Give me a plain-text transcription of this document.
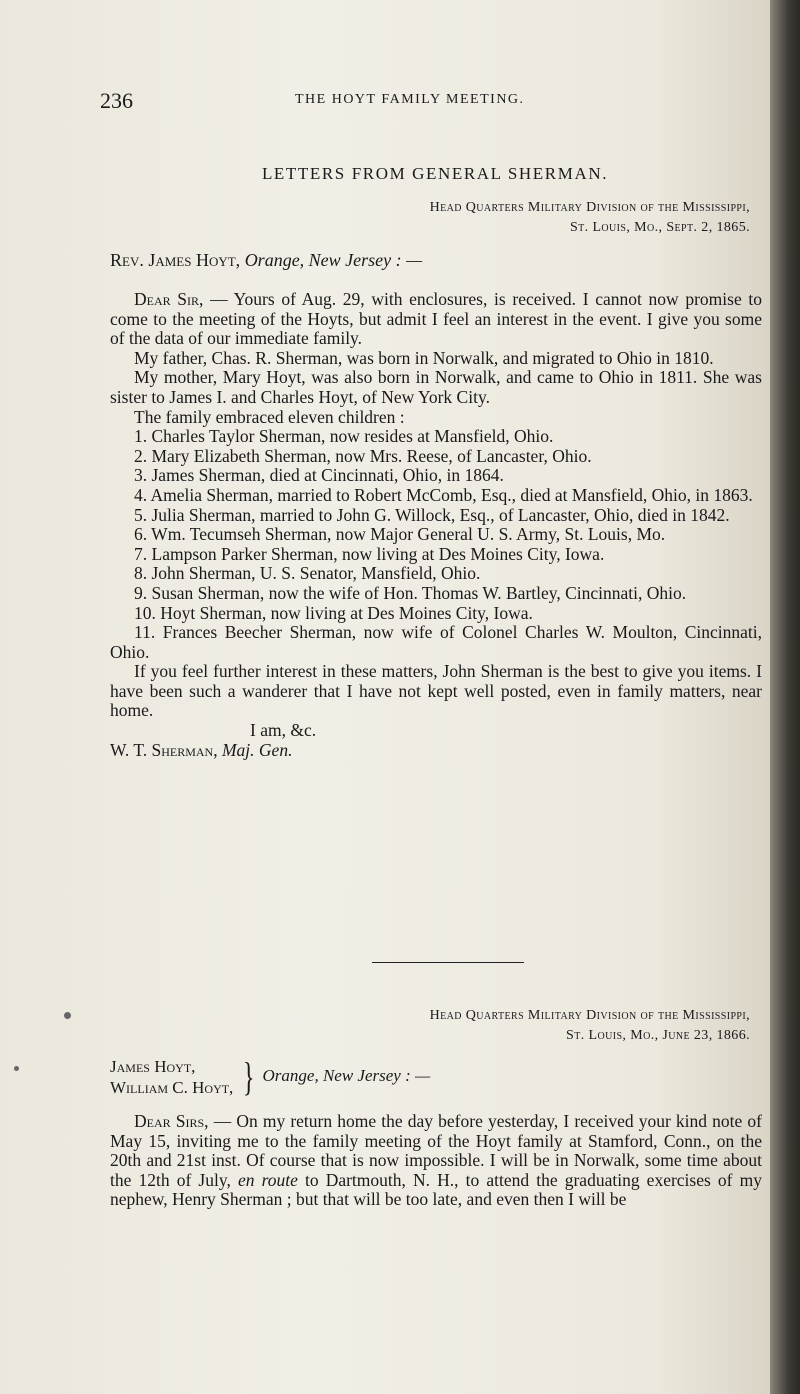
236	THE HOYT FAMILY MEETING.
LETTERS FROM GENERAL SHERMAN.
Head Quarters Military Division of the Mississippi,
St. Louis, Mo., Sept. 2, 1865.
Rev. James Hoyt, Orange, New Jersey : —

Dear Sir, — Yours of Aug. 29, with enclosures, is received. I cannot now promise to come to the meeting of the Hoyts, but admit I feel an interest in the event. I give you some of the data of our immediate family.

My father, Chas. R. Sherman, was born in Norwalk, and migrated to Ohio in 1810.

My mother, Mary Hoyt, was also born in Norwalk, and came to Ohio in 1811. She was sister to James I. and Charles Hoyt, of New York City.

The family embraced eleven children :

1. Charles Taylor Sherman, now resides at Mansfield, Ohio.

2. Mary Elizabeth Sherman, now Mrs. Reese, of Lancaster, Ohio.

3. James Sherman, died at Cincinnati, Ohio, in 1864.

4. Amelia Sherman, married to Robert McComb, Esq., died at Mansfield, Ohio, in 1863.

5. Julia Sherman, married to John G. Willock, Esq., of Lancaster, Ohio, died in 1842.

6. Wm. Tecumseh Sherman, now Major General U. S. Army, St. Louis, Mo.

7. Lampson Parker Sherman, now living at Des Moines City, Iowa.

8. John Sherman, U. S. Senator, Mansfield, Ohio.

9. Susan Sherman, now the wife of Hon. Thomas W. Bartley, Cincinnati, Ohio.

10. Hoyt Sherman, now living at Des Moines City, Iowa.

11. Frances Beecher Sherman, now wife of Colonel Charles W. Moulton, Cincinnati, Ohio.

If you feel further interest in these matters, John Sherman is the best to give you items. I have been such a wanderer that I have not kept well posted, even in family matters, near home.

I am, &c.

W. T. Sherman, Maj. Gen.

Head Quarters Military Division of the Mississippi,
St. Louis, Mo., June 23, 1866.
James Hoyt,
William C. Hoyt, } Orange, New Jersey : —

Dear Sirs, — On my return home the day before yesterday, I received your kind note of May 15, inviting me to the family meeting of the Hoyt family at Stamford, Conn., on the 20th and 21st inst. Of course that is now impossible. I will be in Norwalk, some time about the 12th of July, en route to Dartmouth, N. H., to attend the graduating exercises of my nephew, Henry Sherman ; but that will be too late, and even then I will be
